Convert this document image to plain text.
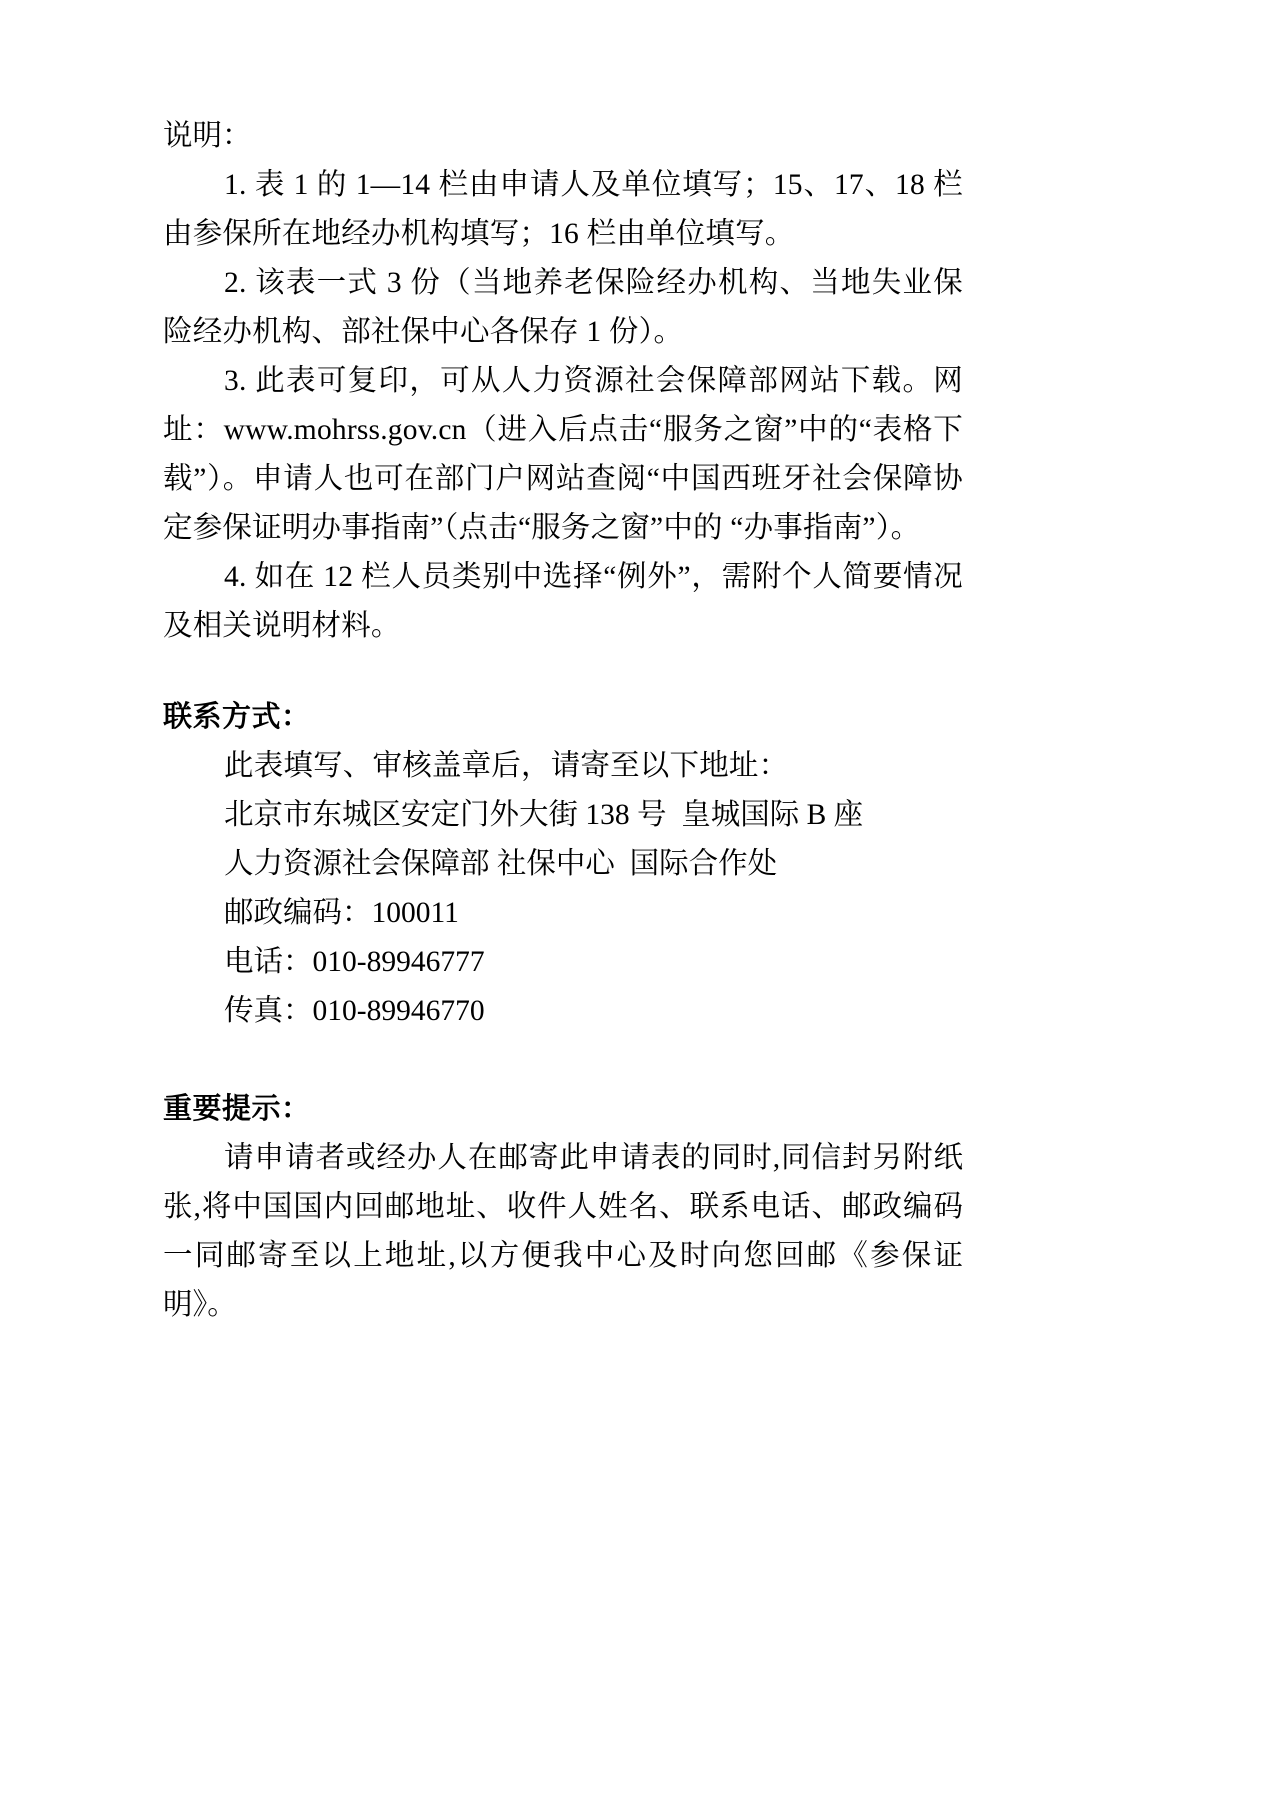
说明：

1. 表 1 的 1—14 栏由申请人及单位填写；15、17、18 栏由参保所在地经办机构填写；16 栏由单位填写。

2. 该表一式 3 份（当地养老保险经办机构、当地失业保险经办机构、部社保中心各保存 1 份）。

3. 此表可复印，可从人力资源社会保障部网站下载。网址：www.mohrss.gov.cn（进入后点击“服务之窗”中的“表格下载”）。申请人也可在部门户网站查阅“中国西班牙社会保障协定参保证明办事指南”（点击“服务之窗”中的 “办事指南”）。

4. 如在 12 栏人员类别中选择“例外”，需附个人简要情况及相关说明材料。

联系方式：

此表填写、审核盖章后，请寄至以下地址：

北京市东城区安定门外大街 138 号  皇城国际 B 座
人力资源社会保障部 社保中心  国际合作处
邮政编码：100011
电话：010-89946777
传真：010-89946770
重要提示：

请申请者或经办人在邮寄此申请表的同时,同信封另附纸张,将中国国内回邮地址、收件人姓名、联系电话、邮政编码一同邮寄至以上地址,以方便我中心及时向您回邮《参保证明》。
